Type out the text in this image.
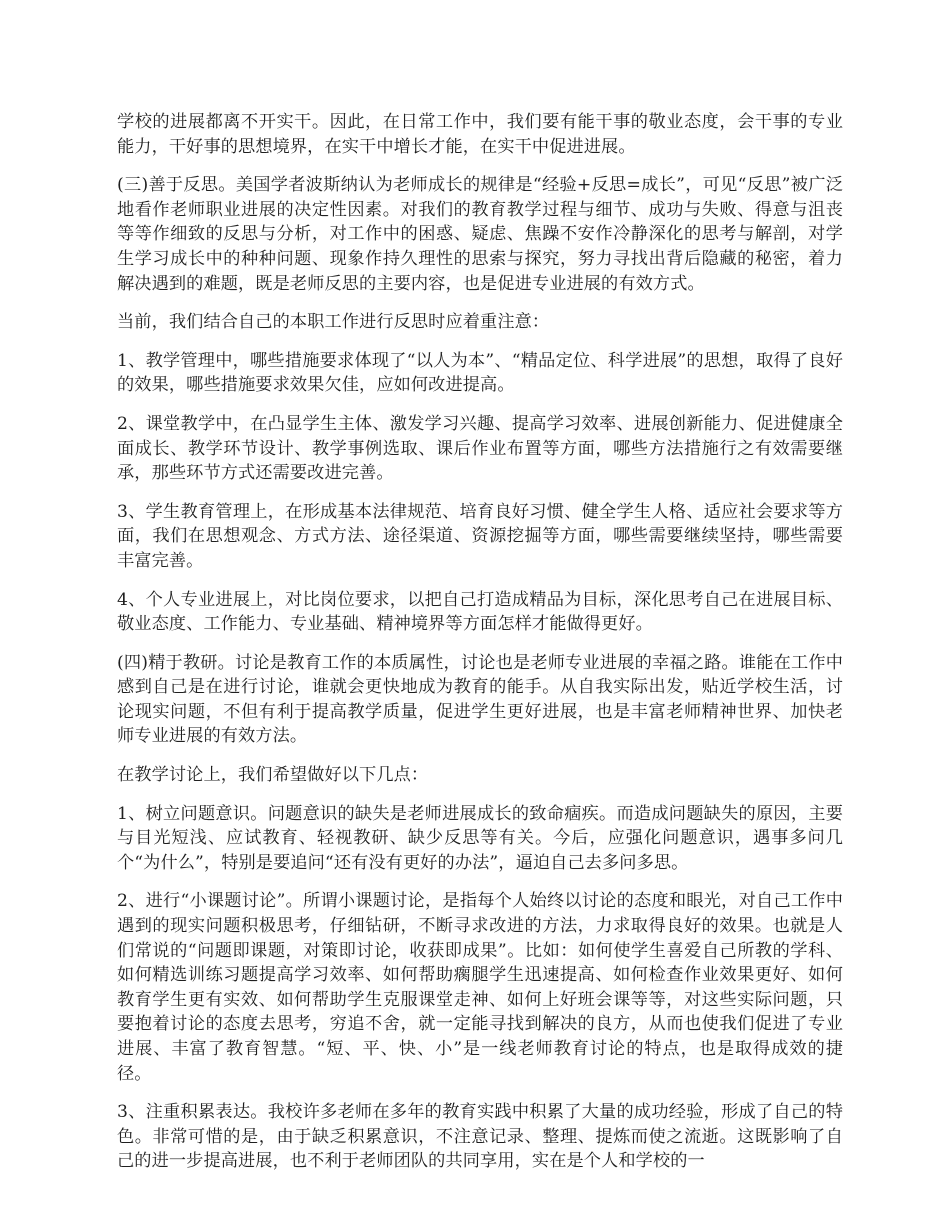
学校的进展都离不开实干。因此，在日常工作中，我们要有能干事的敬业态度，会干事的专业能力，干好事的思想境界，在实干中增长才能，在实干中促进进展。

(三)善于反思。美国学者波斯纳认为老师成长的规律是“经验+反思=成长”，可见“反思”被广泛地看作老师职业进展的决定性因素。对我们的教育教学过程与细节、成功与失败、得意与沮丧等等作细致的反思与分析，对工作中的困惑、疑虑、焦躁不安作冷静深化的思考与解剖，对学生学习成长中的种种问题、现象作持久理性的思索与探究，努力寻找出背后隐藏的秘密，着力解决遇到的难题，既是老师反思的主要内容，也是促进专业进展的有效方式。

当前，我们结合自己的本职工作进行反思时应着重注意：

1、教学管理中，哪些措施要求体现了“以人为本”、“精品定位、科学进展”的思想，取得了良好的效果，哪些措施要求效果欠佳，应如何改进提高。

2、课堂教学中，在凸显学生主体、激发学习兴趣、提高学习效率、进展创新能力、促进健康全面成长、教学环节设计、教学事例选取、课后作业布置等方面，哪些方法措施行之有效需要继承，那些环节方式还需要改进完善。

3、学生教育管理上，在形成基本法律规范、培育良好习惯、健全学生人格、适应社会要求等方面，我们在思想观念、方式方法、途径渠道、资源挖掘等方面，哪些需要继续坚持，哪些需要丰富完善。

4、个人专业进展上，对比岗位要求，以把自己打造成精品为目标，深化思考自己在进展目标、敬业态度、工作能力、专业基础、精神境界等方面怎样才能做得更好。

(四)精于教研。讨论是教育工作的本质属性，讨论也是老师专业进展的幸福之路。谁能在工作中感到自己是在进行讨论，谁就会更快地成为教育的能手。从自我实际出发，贴近学校生活，讨论现实问题，不但有利于提高教学质量，促进学生更好进展，也是丰富老师精神世界、加快老师专业进展的有效方法。

在教学讨论上，我们希望做好以下几点：

1、树立问题意识。问题意识的缺失是老师进展成长的致命痼疾。而造成问题缺失的原因，主要与目光短浅、应试教育、轻视教研、缺少反思等有关。今后，应强化问题意识，遇事多问几个“为什么”，特别是要追问“还有没有更好的办法”，逼迫自己去多问多思。

2、进行“小课题讨论”。所谓小课题讨论，是指每个人始终以讨论的态度和眼光，对自己工作中遇到的现实问题积极思考，仔细钻研，不断寻求改进的方法，力求取得良好的效果。也就是人们常说的“问题即课题，对策即讨论，收获即成果”。比如：如何使学生喜爱自己所教的学科、如何精选训练习题提高学习效率、如何帮助瘸腿学生迅速提高、如何检查作业效果更好、如何教育学生更有实效、如何帮助学生克服课堂走神、如何上好班会课等等，对这些实际问题，只要抱着讨论的态度去思考，穷追不舍，就一定能寻找到解决的良方，从而也使我们促进了专业进展、丰富了教育智慧。“短、平、快、小”是一线老师教育讨论的特点，也是取得成效的捷径。

3、注重积累表达。我校许多老师在多年的教育实践中积累了大量的成功经验，形成了自己的特色。非常可惜的是，由于缺乏积累意识，不注意记录、整理、提炼而使之流逝。这既影响了自己的进一步提高进展，也不利于老师团队的共同享用，实在是个人和学校的一
